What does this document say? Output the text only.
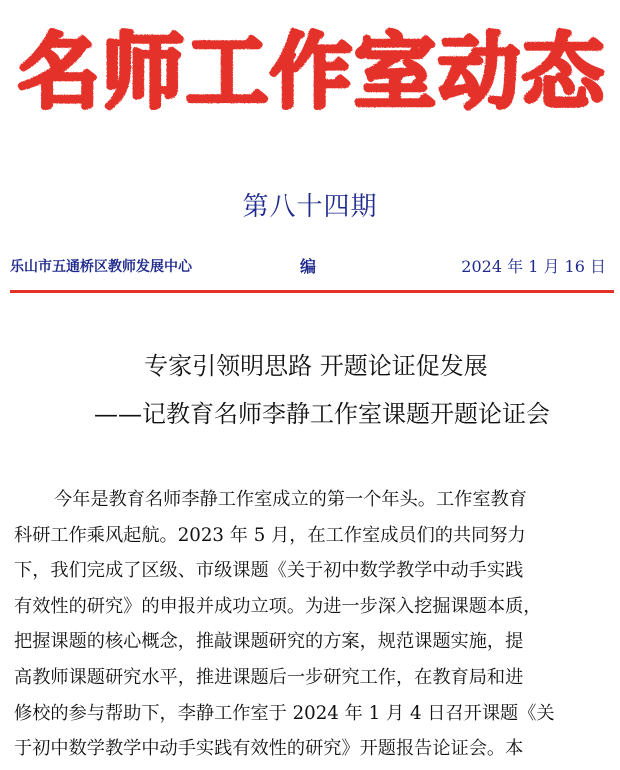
名师工作室动态
第八十四期
乐山市五通桥区教师发展中心	编	2024 年 1 月 16 日
专家引领明思路 开题论证促发展
——记教育名师李静工作室课题开题论证会
今年是教育名师李静工作室成立的第一个年头。工作室教育
科研工作乘风起航。2023 年 5 月，在工作室成员们的共同努力
下，我们完成了区级、市级课题《关于初中数学教学中动手实践
有效性的研究》的申报并成功立项。为进一步深入挖掘课题本质，
把握课题的核心概念，推敲课题研究的方案，规范课题实施，提
高教师课题研究水平，推进课题后一步研究工作，在教育局和进
修校的参与帮助下，李静工作室于 2024 年 1 月 4 日召开课题《关
于初中数学教学中动手实践有效性的研究》开题报告论证会。本
